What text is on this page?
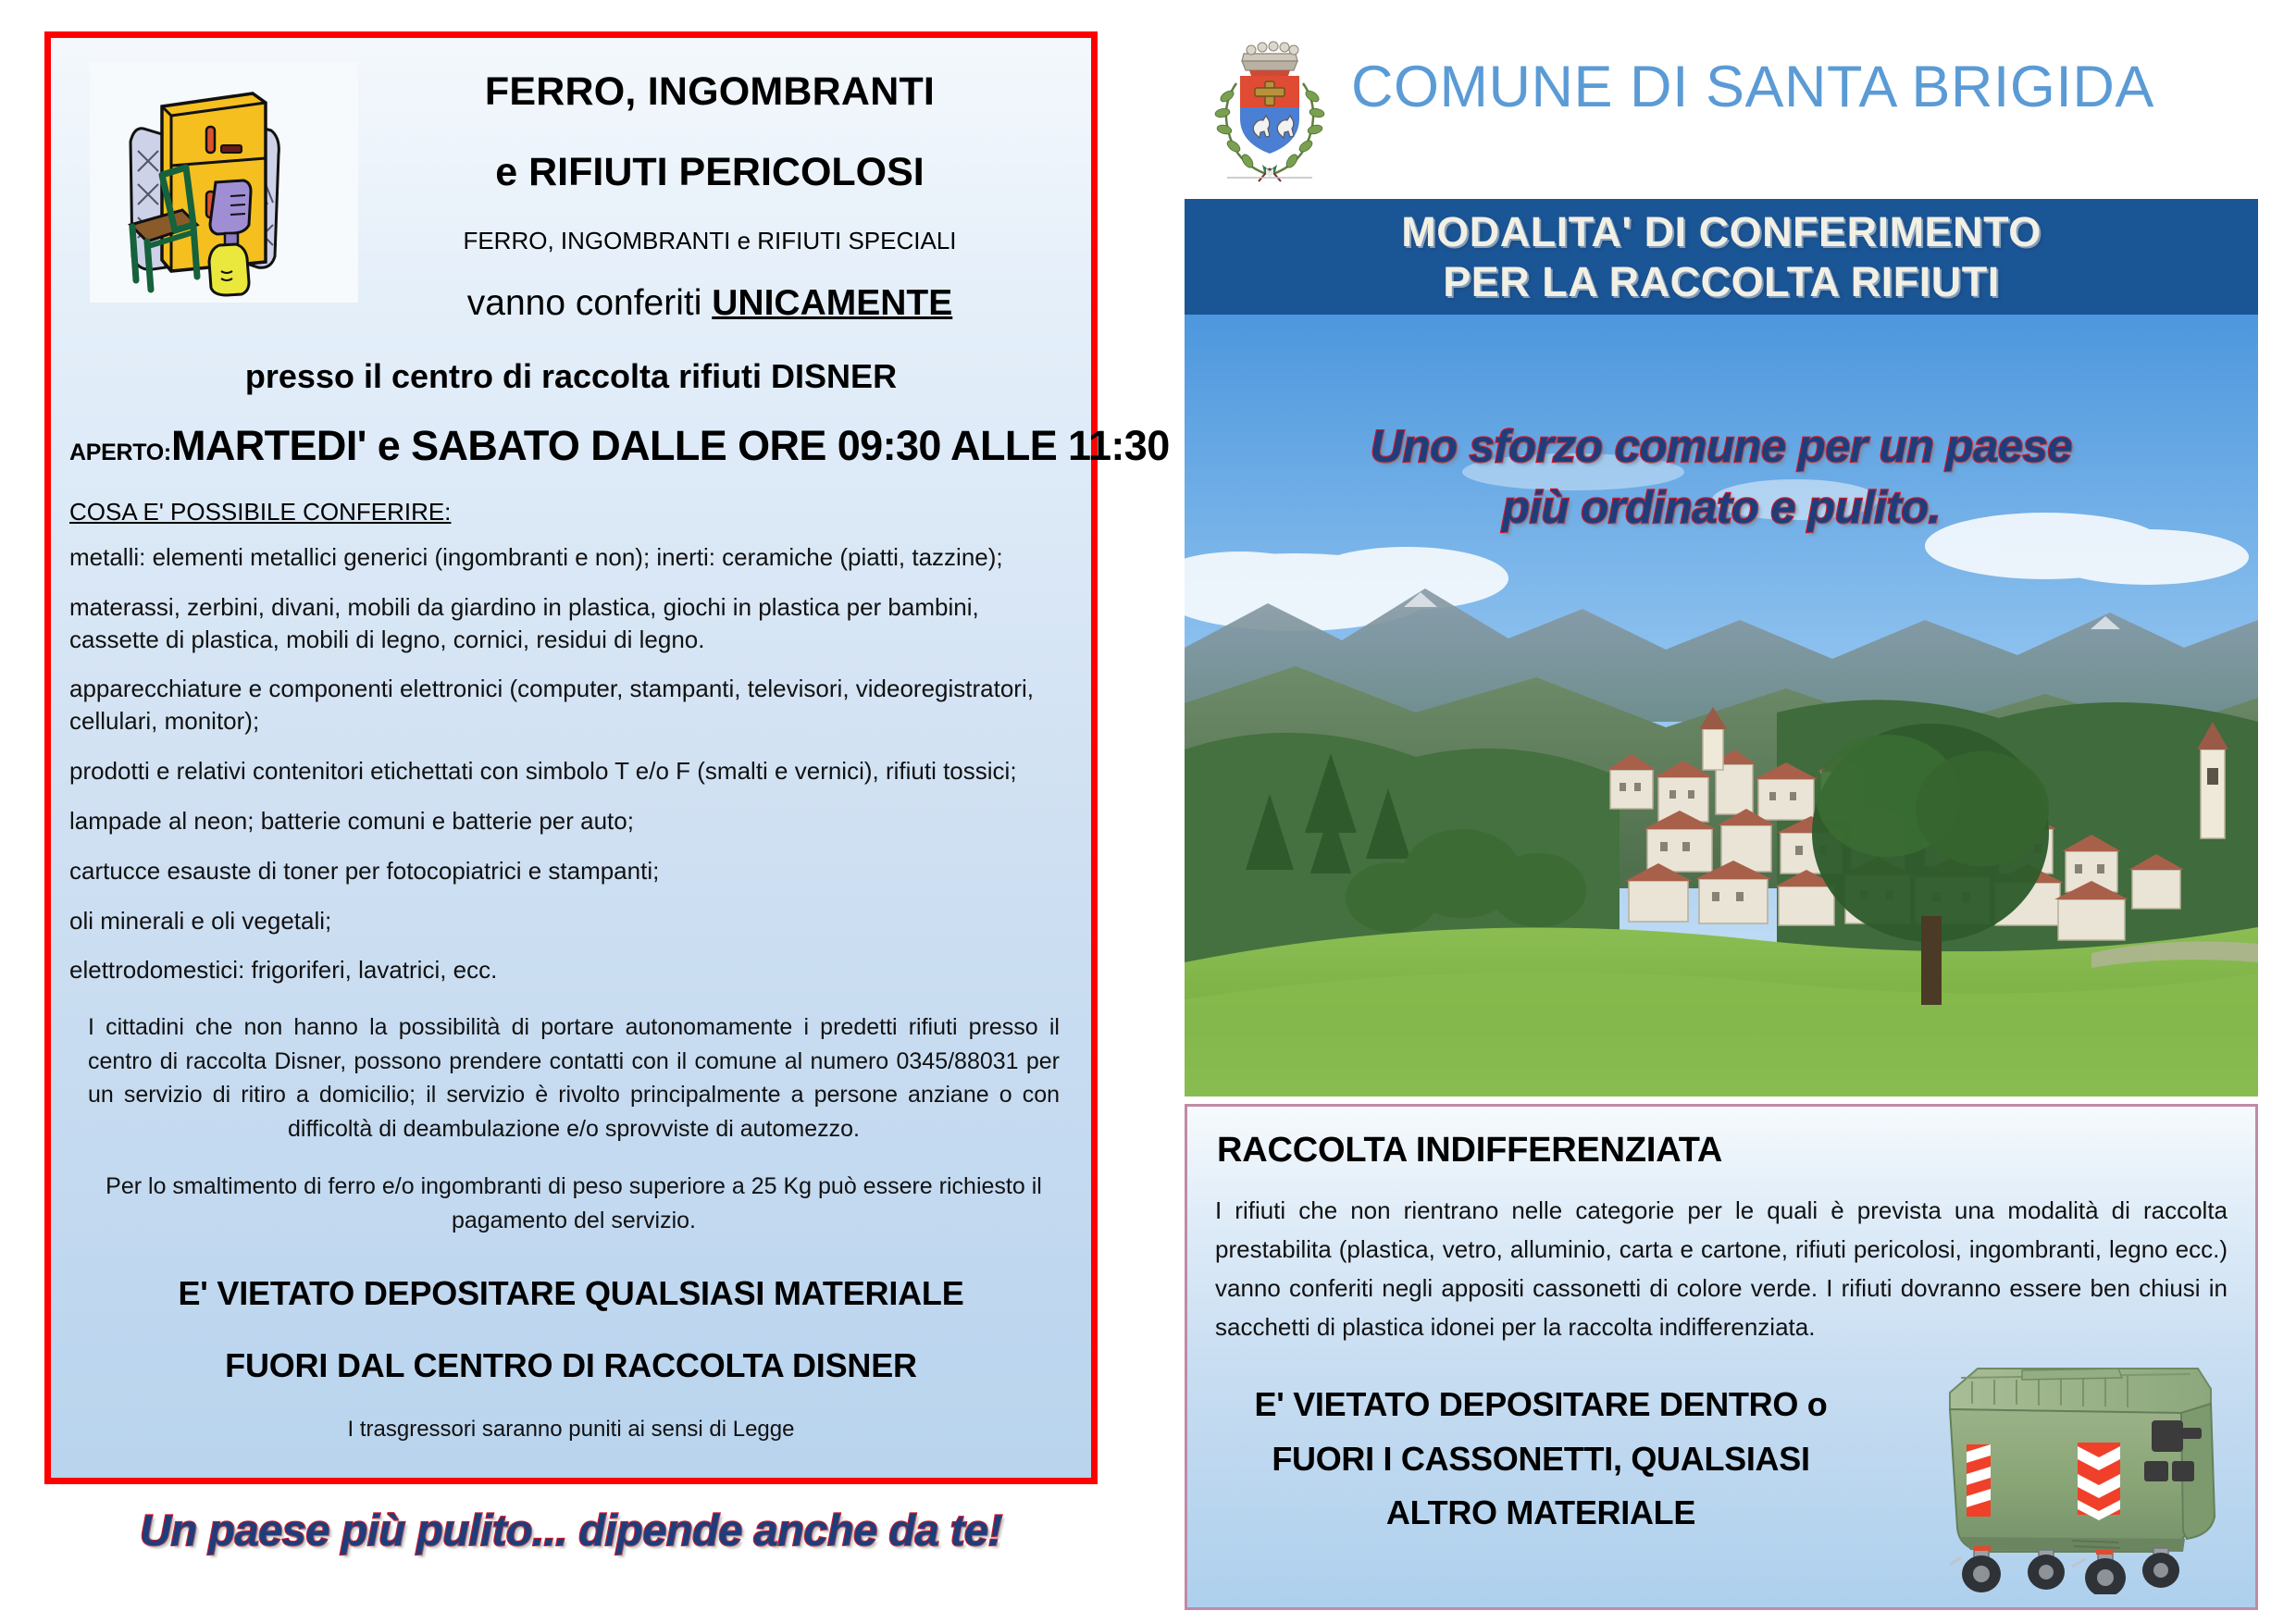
FERRO, INGOMBRANTI
e RIFIUTI PERICOLOSI
FERRO, INGOMBRANTI e RIFIUTI SPECIALI
vanno conferiti UNICAMENTE
presso il centro di raccolta rifiuti DISNER
APERTO:MARTEDI' e SABATO DALLE ORE 09:30 ALLE 11:30
COSA E' POSSIBILE CONFERIRE:

metalli: elementi metallici generici (ingombranti e non); inerti: ceramiche (piatti, tazzine);

materassi, zerbini, divani, mobili da giardino in plastica, giochi in plastica per bambini, cassette di plastica, mobili di legno, cornici, residui di legno.

apparecchiature e componenti elettronici (computer, stampanti, televisori, videoregistratori, cellulari, monitor);

prodotti e relativi contenitori etichettati con simbolo T e/o F (smalti e vernici), rifiuti tossici;

lampade al neon; batterie comuni e batterie per auto;

cartucce esauste di toner per fotocopiatrici e stampanti;

oli minerali e oli vegetali;

elettrodomestici: frigoriferi, lavatrici, ecc.

I cittadini che non hanno la possibilità di portare autonomamente i predetti rifiuti presso il centro di raccolta Disner, possono prendere contatti con il comune al numero 0345/88031 per un servizio di ritiro a domicilio; il servizio è rivolto principalmente a persone anziane o con difficoltà di deambulazione e/o sprovviste di automezzo.

Per lo smaltimento di ferro e/o ingombranti di peso superiore a 25 Kg può essere richiesto il pagamento del servizio.

E' VIETATO DEPOSITARE QUALSIASI MATERIALE
FUORI DAL CENTRO DI RACCOLTA DISNER
I trasgressori saranno puniti ai sensi di Legge
Un paese più pulito... dipende anche da te!
COMUNE DI SANTA BRIGIDA
MODALITA' DI CONFERIMENTO
PER LA RACCOLTA RIFIUTI
Uno sforzo comune per un paese
più ordinato e pulito.
RACCOLTA INDIFFERENZIATA

I rifiuti che non rientrano nelle categorie per le quali è prevista una modalità di raccolta prestabilita (plastica, vetro, alluminio, carta e cartone, rifiuti pericolosi, ingombranti, legno ecc.) vanno conferiti negli appositi cassonetti di colore verde. I rifiuti dovranno essere ben chiusi in sacchetti di plastica idonei per la raccolta indifferenziata.

E' VIETATO DEPOSITARE DENTRO o
FUORI I CASSONETTI, QUALSIASI
ALTRO MATERIALE
